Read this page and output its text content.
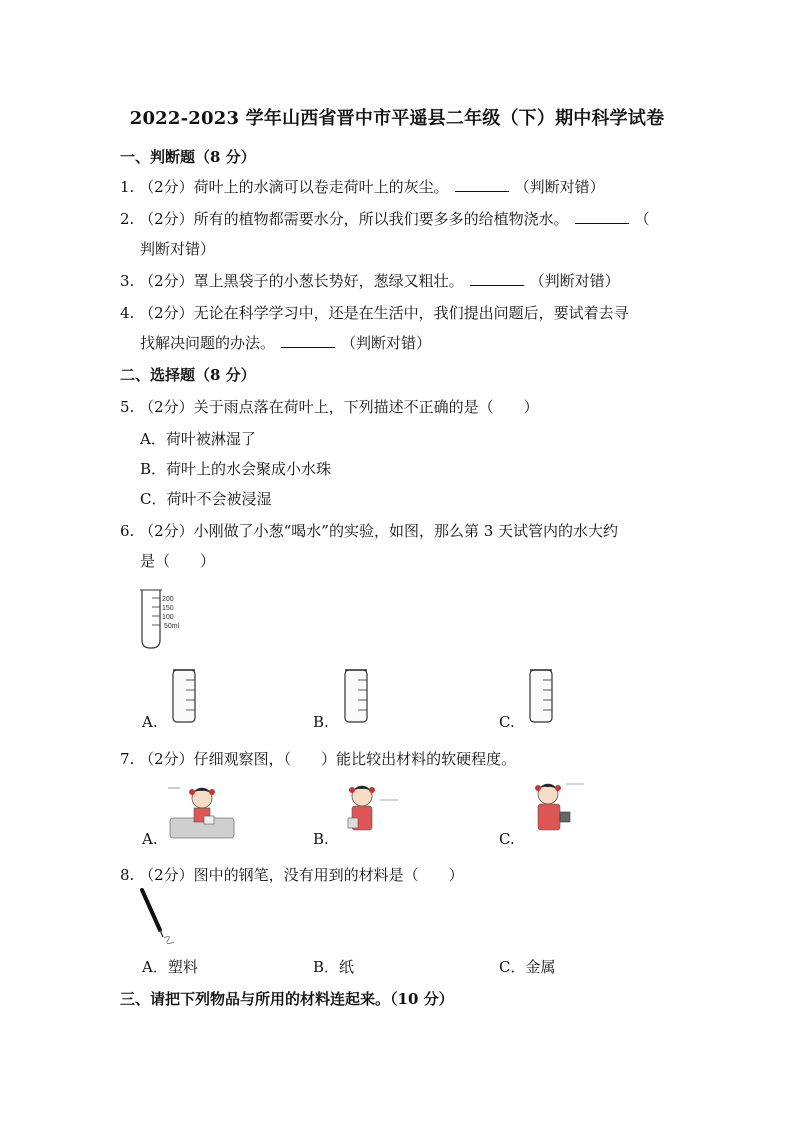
2022-2023 学年山西省晋中市平遥县二年级（下）期中科学试卷
一、判断题（8 分）
1. （2分）荷叶上的水滴可以卷走荷叶上的灰尘。	（判断对错）
2. （2分）所有的植物都需要水分，所以我们要多多的给植物浇水。	（
判断对错）
3. （2分）罩上黑袋子的小葱长势好，葱绿又粗壮。	（判断对错）
4. （2分）无论在科学学习中，还是在生活中，我们提出问题后，要试着去寻
找解决问题的办法。	（判断对错）
二、选择题（8 分）
5. （2分）关于雨点落在荷叶上，下列描述不正确的是（ ）
A．荷叶被淋湿了
B．荷叶上的水会聚成小水珠
C．荷叶不会被浸湿
6. （2分）小刚做了小葱“喝水”的实验，如图，那么第 3 天试管内的水大约
是（ ）
200
150
100
50ml
A.	B.	C.
7. （2分）仔细观察图，（ ）能比较出材料的软硬程度。
A.	B.	C.
8. （2分）图中的钢笔，没有用到的材料是（ ）
A．塑料	B．纸	C．金属
三、请把下列物品与所用的材料连起来。（10 分）
